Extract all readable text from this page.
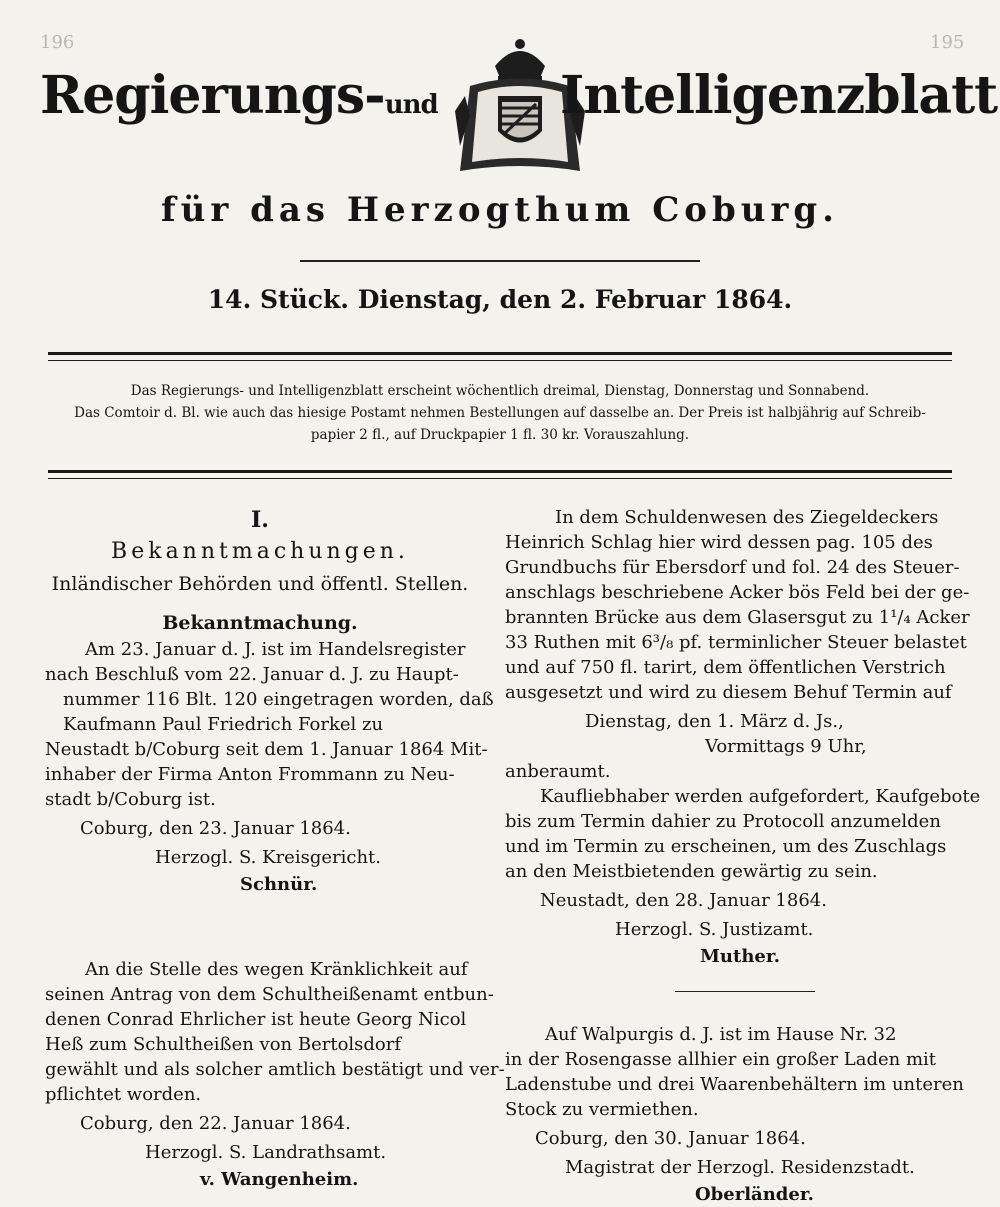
196	195
Regierungs-und Intelligenzblatt
für das Herzogthum Coburg.
14. Stück. Dienstag, den 2. Februar 1864.
Das Regierungs- und Intelligenzblatt erscheint wöchentlich dreimal, Dienstag, Donnerstag und Sonnabend.
Das Comtoir d. Bl. wie auch das hiesige Postamt nehmen Bestellungen auf dasselbe an. Der Preis ist halbjährig auf Schreib-
papier 2 fl., auf Druckpapier 1 fl. 30 kr. Vorauszahlung.
I.
Bekanntmachungen.
Inländischer Behörden und öffentl. Stellen.
Bekanntmachung.
Am 23. Januar d. J. ist im Handelsregister
nach Beschluß vom 22. Januar d. J. zu Haupt-
nummer 116 Blt. 120 eingetragen worden, daß
Kaufmann Paul Friedrich Forkel zu
Neustadt b/Coburg seit dem 1. Januar 1864 Mit-
inhaber der Firma Anton Frommann zu Neu-
stadt b/Coburg ist.
Coburg, den 23. Januar 1864.
Herzogl. S. Kreisgericht.
Schnür.
An die Stelle des wegen Kränklichkeit auf
seinen Antrag von dem Schultheißenamt entbun-
denen Conrad Ehrlicher ist heute Georg Nicol
Heß zum Schultheißen von Bertolsdorf
gewählt und als solcher amtlich bestätigt und ver-
pflichtet worden.
Coburg, den 22. Januar 1864.
Herzogl. S. Landrathsamt.
v. Wangenheim.
In dem Schuldenwesen des Ziegeldeckers
Heinrich Schlag hier wird dessen pag. 105 des
Grundbuchs für Ebersdorf und fol. 24 des Steuer-
anschlags beschriebene Acker bös Feld bei der ge-
brannten Brücke aus dem Glasersgut zu 1¹/₄ Acker
33 Ruthen mit 6³/₈ pf. terminlicher Steuer belastet
und auf 750 fl. tarirt, dem öffentlichen Verstrich
ausgesetzt und wird zu diesem Behuf Termin auf
Dienstag, den 1. März d. Js.,
Vormittags 9 Uhr,
anberaumt.
Kaufliebhaber werden aufgefordert, Kaufgebote
bis zum Termin dahier zu Protocoll anzumelden
und im Termin zu erscheinen, um des Zuschlags
an den Meistbietenden gewärtig zu sein.
Neustadt, den 28. Januar 1864.
Herzogl. S. Justizamt.
Muther.
Auf Walpurgis d. J. ist im Hause Nr. 32
in der Rosengasse allhier ein großer Laden mit
Ladenstube und drei Waarenbehältern im unteren
Stock zu vermiethen.
Coburg, den 30. Januar 1864.
Magistrat der Herzogl. Residenzstadt.
Oberländer.
